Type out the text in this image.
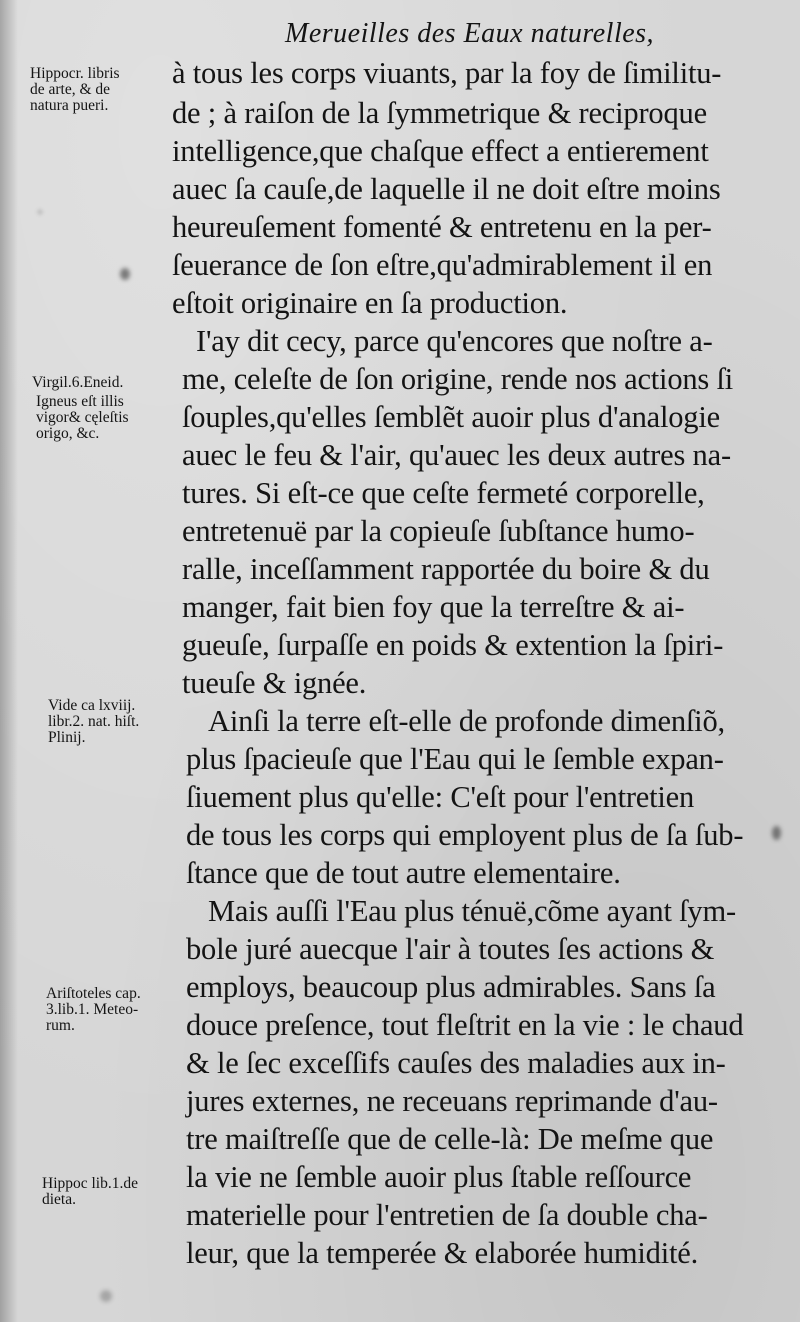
Merueilles des Eaux naturelles,
à tous les corps viuants, par la foy de ſimilitu-
de ; à raiſon de la ſymmetrique & reciproque
intelligence,que chaſque effect a entierement
auec ſa cauſe,de laquelle il ne doit eſtre moins
heureuſement fomenté & entretenu en la per-
ſeuerance de ſon eſtre,qu'admirablement il en
eſtoit originaire en ſa production.
I'ay dit cecy, parce qu'encores que noſtre a-
me, celeſte de ſon origine, rende nos actions ſi
ſouples,qu'elles ſemblẽt auoir plus d'analogie
auec le feu & l'air, qu'auec les deux autres na-
tures. Si eſt-ce que ceſte fermeté corporelle,
entretenuë par la copieuſe ſubſtance humo-
ralle, inceſſamment rapportée du boire & du
manger, fait bien foy que la terreſtre & ai-
gueuſe, ſurpaſſe en poids & extention la ſpiri-
tueuſe & ignée.
Ainſi la terre eſt-elle de profonde dimenſiõ,
plus ſpacieuſe que l'Eau qui le ſemble expan-
ſiuement plus qu'elle: C'eſt pour l'entretien
de tous les corps qui employent plus de ſa ſub-
ſtance que de tout autre elementaire.
Mais auſſi l'Eau plus ténuë,cõme ayant ſym-
bole juré auecque l'air à toutes ſes actions &
employs, beaucoup plus admirables. Sans ſa
douce preſence, tout fleſtrit en la vie : le chaud
& le ſec exceſſifs cauſes des maladies aux in-
jures externes, ne receuans reprimande d'au-
tre maiſtreſſe que de celle-là: De meſme que
la vie ne ſemble auoir plus ſtable reſſource
materielle pour l'entretien de ſa double cha-
leur, que la temperée & elaborée humidité.
Hippocr. libris
de arte, & de
natura pueri.
Virgil.6.Eneid.
Igneus eſt illis
vigor& cęleſtis
origo, &c.
Vide ca lxviij.
libr.2. nat. hiſt.
Plinij.
Ariſtoteles cap.
3.lib.1. Meteo-
rum.
Hippoc lib.1.de
dieta.
